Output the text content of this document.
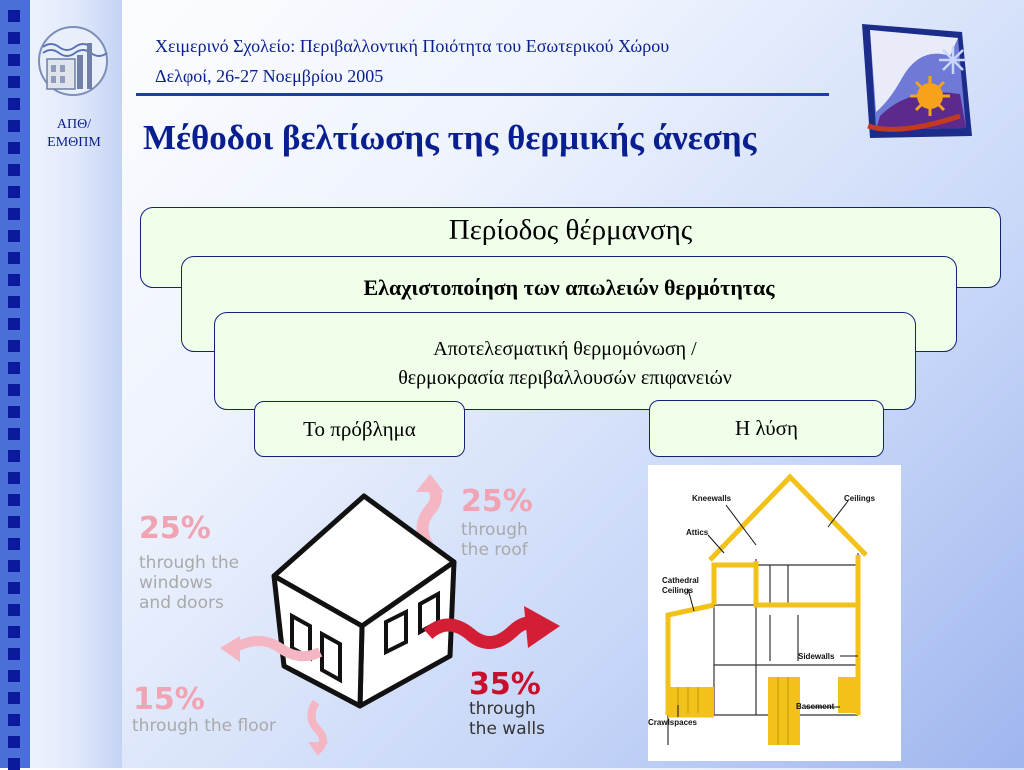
ΑΠΘ/
ΕΜΘΠΜ
Χειμερινό Σχολείο: Περιβαλλοντική Ποιότητα του Εσωτερικού Χώρου
Δελφοί, 26-27 Νοεμβρίου 2005
Μέθοδοι βελτίωσης της θερμικής άνεσης
Περίοδος θέρμανσης
Ελαχιστοποίηση των απωλειών θερμότητας
Αποτελεσματική θερμομόνωση /
θερμοκρασία περιβαλλουσών επιφανειών
Το πρόβλημα	Η λύση
25%
through the
windows
and doors
25%
through
the roof
15%
through the floor
35%
through
the walls
Kneewalls	Ceilings
Attics
Cathedral
Ceilings
Sidewalls
Basement
Crawlspaces
